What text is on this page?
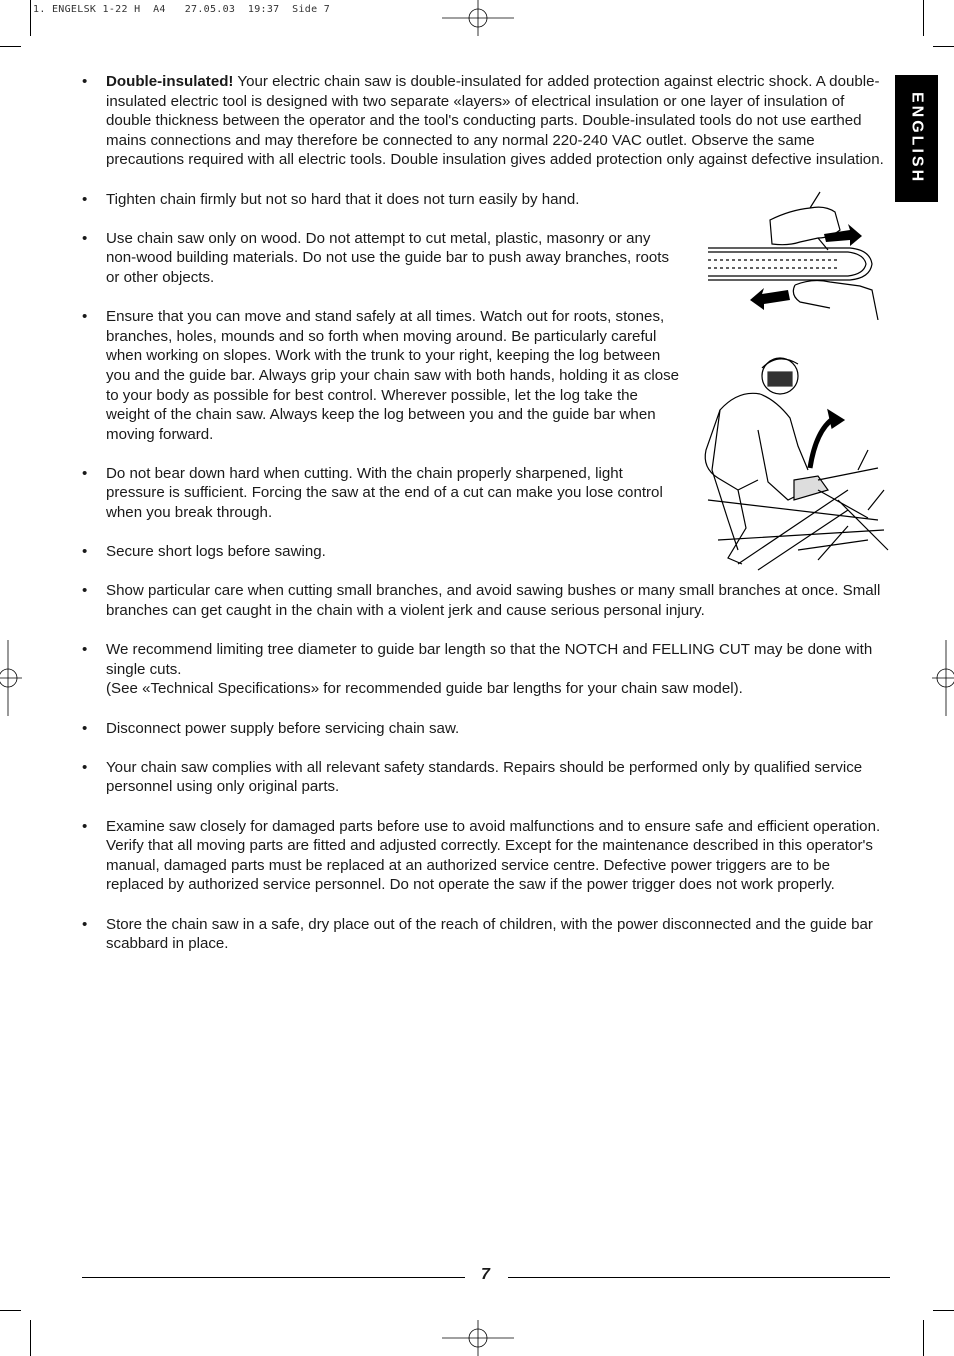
1. ENGELSK 1-22 H  A4   27.05.03  19:37  Side 7
ENGLISH
• Double-insulated! Your electric chain saw is double-insulated for added protection against electric shock. A double-insulated electric tool is designed with two separate «layers» of electrical insulation or one layer of insulation of double thickness between the operator and the tool's conducting parts. Double-insulated tools do not use earthed mains connections and may therefore be connected to any normal 220-240 VAC outlet. Observe the same precautions required with all electric tools. Double insulation gives added protection only against defective insulation.
• Tighten chain firmly but not so hard that it does not turn easily by hand.
• Use chain saw only on wood. Do not attempt to cut metal, plastic, masonry or any non-wood building materials. Do not use the guide bar to push away branches, roots or other objects.
• Ensure that you can move and stand safely at all times. Watch out for roots, stones, branches, holes, mounds and so forth when moving around. Be particularly careful when working on slopes. Work with the trunk to your right, keeping the log between you and the guide bar. Always grip your chain saw with both hands, holding it as close to your body as possible for best control. Wherever possible, let the log take the weight of the chain saw. Always keep the log between you and the guide bar when moving forward.
• Do not bear down hard when cutting. With the chain properly sharpened, light pressure is sufficient. Forcing the saw at the end of a cut can make you lose control when you break through.
• Secure short logs before sawing.
• Show particular care when cutting small branches, and avoid sawing bushes or many small branches at once. Small branches can get caught in the chain with a violent jerk and cause serious personal injury.
• We recommend limiting tree diameter to guide bar length so that the NOTCH and FELLING CUT may be done with single cuts.
(See «Technical Specifications» for recommended guide bar lengths for your chain saw model).
• Disconnect power supply before servicing chain saw.
• Your chain saw complies with all relevant safety standards. Repairs should be performed only by qualified service personnel using only original parts.
• Examine saw closely for damaged parts before use to avoid malfunctions and to ensure safe and efficient operation. Verify that all moving parts are fitted and adjusted correctly. Except for the maintenance described in this operator's manual, damaged parts must be replaced at an authorized service centre. Defective power triggers are to be replaced by authorized service personnel. Do not operate the saw if the power trigger does not work properly.
• Store the chain saw in a safe, dry place out of the reach of children, with the power disconnected and the guide bar scabbard in place.
7
